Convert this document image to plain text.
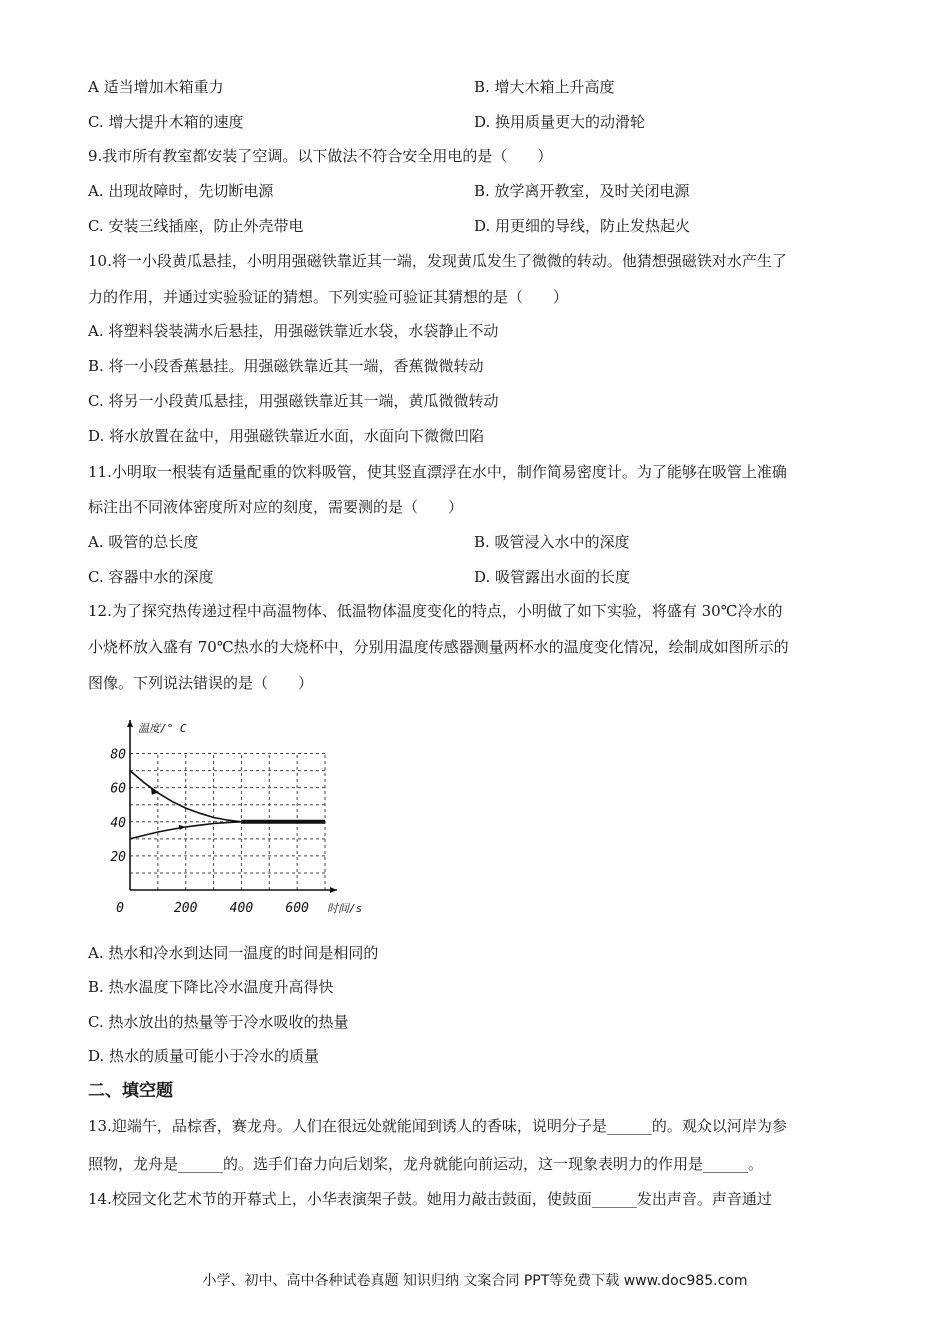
A 适当增加木箱重力	B. 增大木箱上升高度
C. 增大提升木箱的速度	D. 换用质量更大的动滑轮
9.我市所有教室都安装了空调。以下做法不符合安全用电的是（　　）
A. 出现故障时，先切断电源	B. 放学离开教室，及时关闭电源
C. 安装三线插座，防止外壳带电	D. 用更细的导线，防止发热起火
10.将一小段黄瓜悬挂，小明用强磁铁靠近其一端，发现黄瓜发生了微微的转动。他猜想强磁铁对水产生了
力的作用，并通过实验验证的猜想。下列实验可验证其猜想的是（　　）
A. 将塑料袋装满水后悬挂，用强磁铁靠近水袋，水袋静止不动
B. 将一小段香蕉悬挂。用强磁铁靠近其一端，香蕉微微转动
C. 将另一小段黄瓜悬挂，用强磁铁靠近其一端，黄瓜微微转动
D. 将水放置在盆中，用强磁铁靠近水面，水面向下微微凹陷
11.小明取一根装有适量配重的饮料吸管，使其竖直漂浮在水中，制作简易密度计。为了能够在吸管上准确
标注出不同液体密度所对应的刻度，需要测的是（　　）
A. 吸管的总长度	B. 吸管浸入水中的深度
C. 容器中水的深度	D. 吸管露出水面的长度
12.为了探究热传递过程中高温物体、低温物体温度变化的特点，小明做了如下实验，将盛有 30℃冷水的
小烧杯放入盛有 70℃热水的大烧杯中，分别用温度传感器测量两杯水的温度变化情况，绘制成如图所示的
图像。下列说法错误的是（　　）
20
40
60
80
200 400 600
0
温度/° C
时间/s
A. 热水和冷水到达同一温度的时间是相同的
B. 热水温度下降比冷水温度升高得快
C. 热水放出的热量等于冷水吸收的热量
D. 热水的质量可能小于冷水的质量
二、填空题
13.迎端午，品棕香，赛龙舟。人们在很远处就能闻到诱人的香味，说明分子是______的。观众以河岸为参
照物，龙舟是______的。选手们奋力向后划桨，龙舟就能向前运动，这一现象表明力的作用是______。
14.校园文化艺术节的开幕式上，小华表演架子鼓。她用力敲击鼓面，使鼓面______发出声音。声音通过
小学、初中、高中各种试卷真题 知识归纳 文案合同 PPT等免费下载 www.doc985.com
